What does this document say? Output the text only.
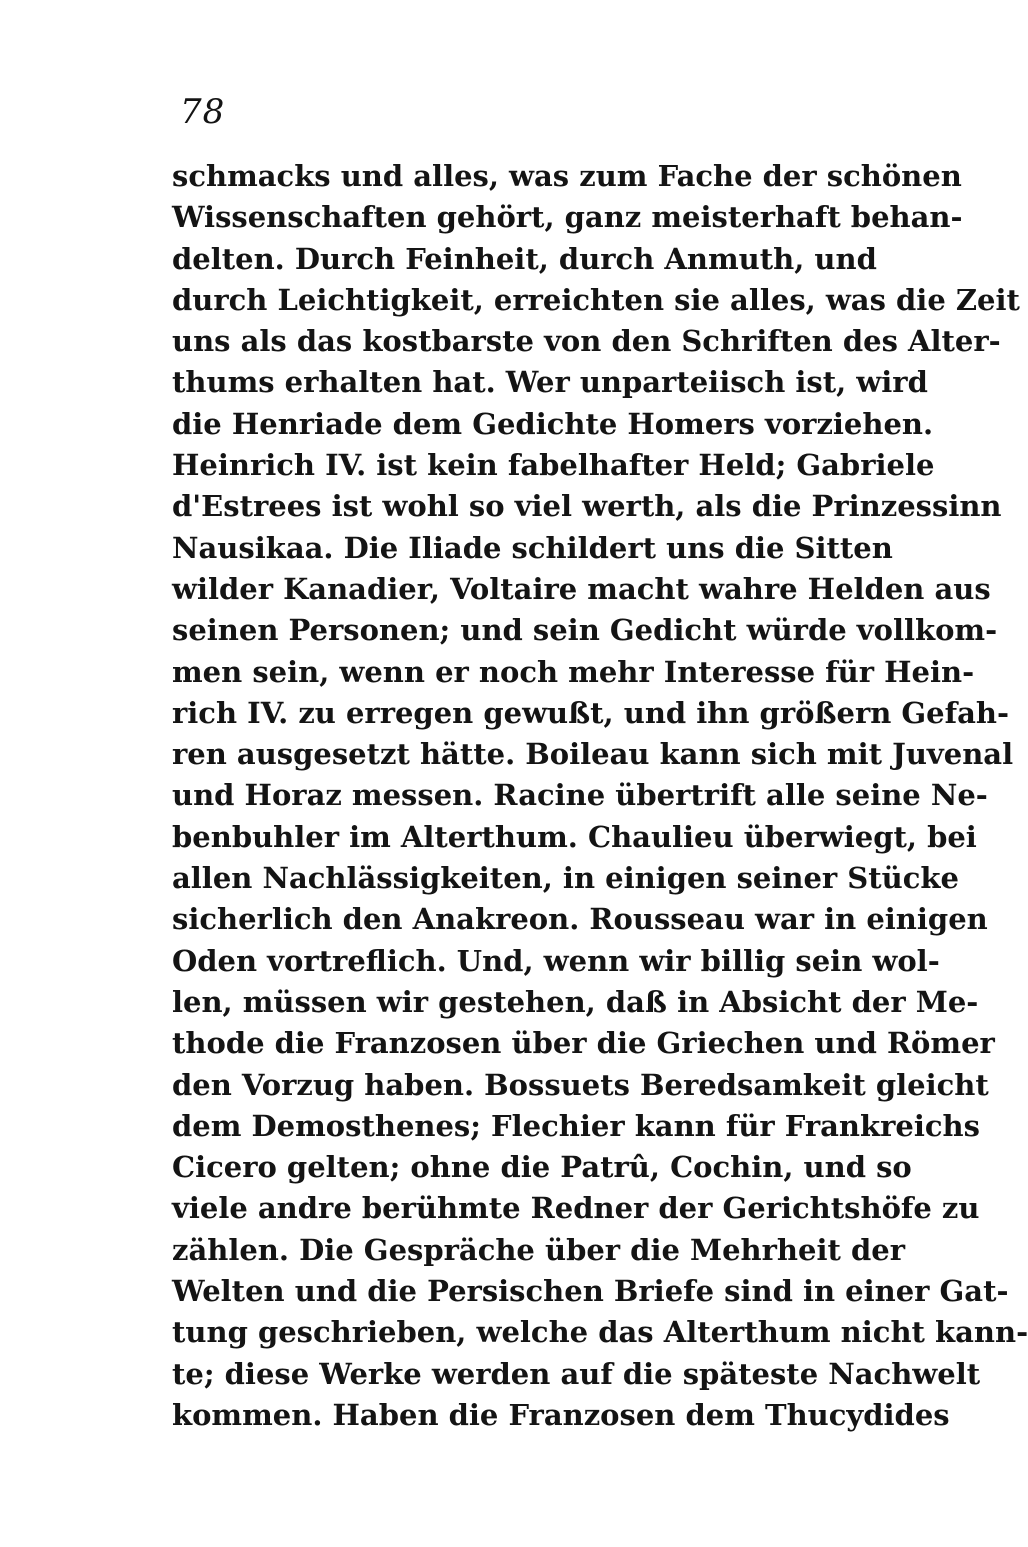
78

schmacks und alles, was zum Fache der schönen
Wissenschaften gehört, ganz meisterhaft behan-
delten. Durch Feinheit, durch Anmuth, und
durch Leichtigkeit, erreichten sie alles, was die Zeit
uns als das kostbarste von den Schriften des Alter-
thums erhalten hat. Wer unparteiisch ist, wird
die Henriade dem Gedichte Homers vorziehen.
Heinrich IV. ist kein fabelhafter Held; Gabriele
d'Estrees ist wohl so viel werth, als die Prinzessinn
Nausikaa. Die Iliade schildert uns die Sitten
wilder Kanadier, Voltaire macht wahre Helden aus
seinen Personen; und sein Gedicht würde vollkom-
men sein, wenn er noch mehr Interesse für Hein-
rich IV. zu erregen gewußt, und ihn größern Gefah-
ren ausgesetzt hätte. Boileau kann sich mit Juvenal
und Horaz messen. Racine übertrift alle seine Ne-
benbuhler im Alterthum. Chaulieu überwiegt, bei
allen Nachlässigkeiten, in einigen seiner Stücke
sicherlich den Anakreon. Rousseau war in einigen
Oden vortreflich. Und, wenn wir billig sein wol-
len, müssen wir gestehen, daß in Absicht der Me-
thode die Franzosen über die Griechen und Römer
den Vorzug haben. Bossuets Beredsamkeit gleicht
dem Demosthenes; Flechier kann für Frankreichs
Cicero gelten; ohne die Patrû, Cochin, und so
viele andre berühmte Redner der Gerichtshöfe zu
zählen. Die Gespräche über die Mehrheit der
Welten und die Persischen Briefe sind in einer Gat-
tung geschrieben, welche das Alterthum nicht kann-
te; diese Werke werden auf die späteste Nachwelt
kommen. Haben die Franzosen dem Thucydides
